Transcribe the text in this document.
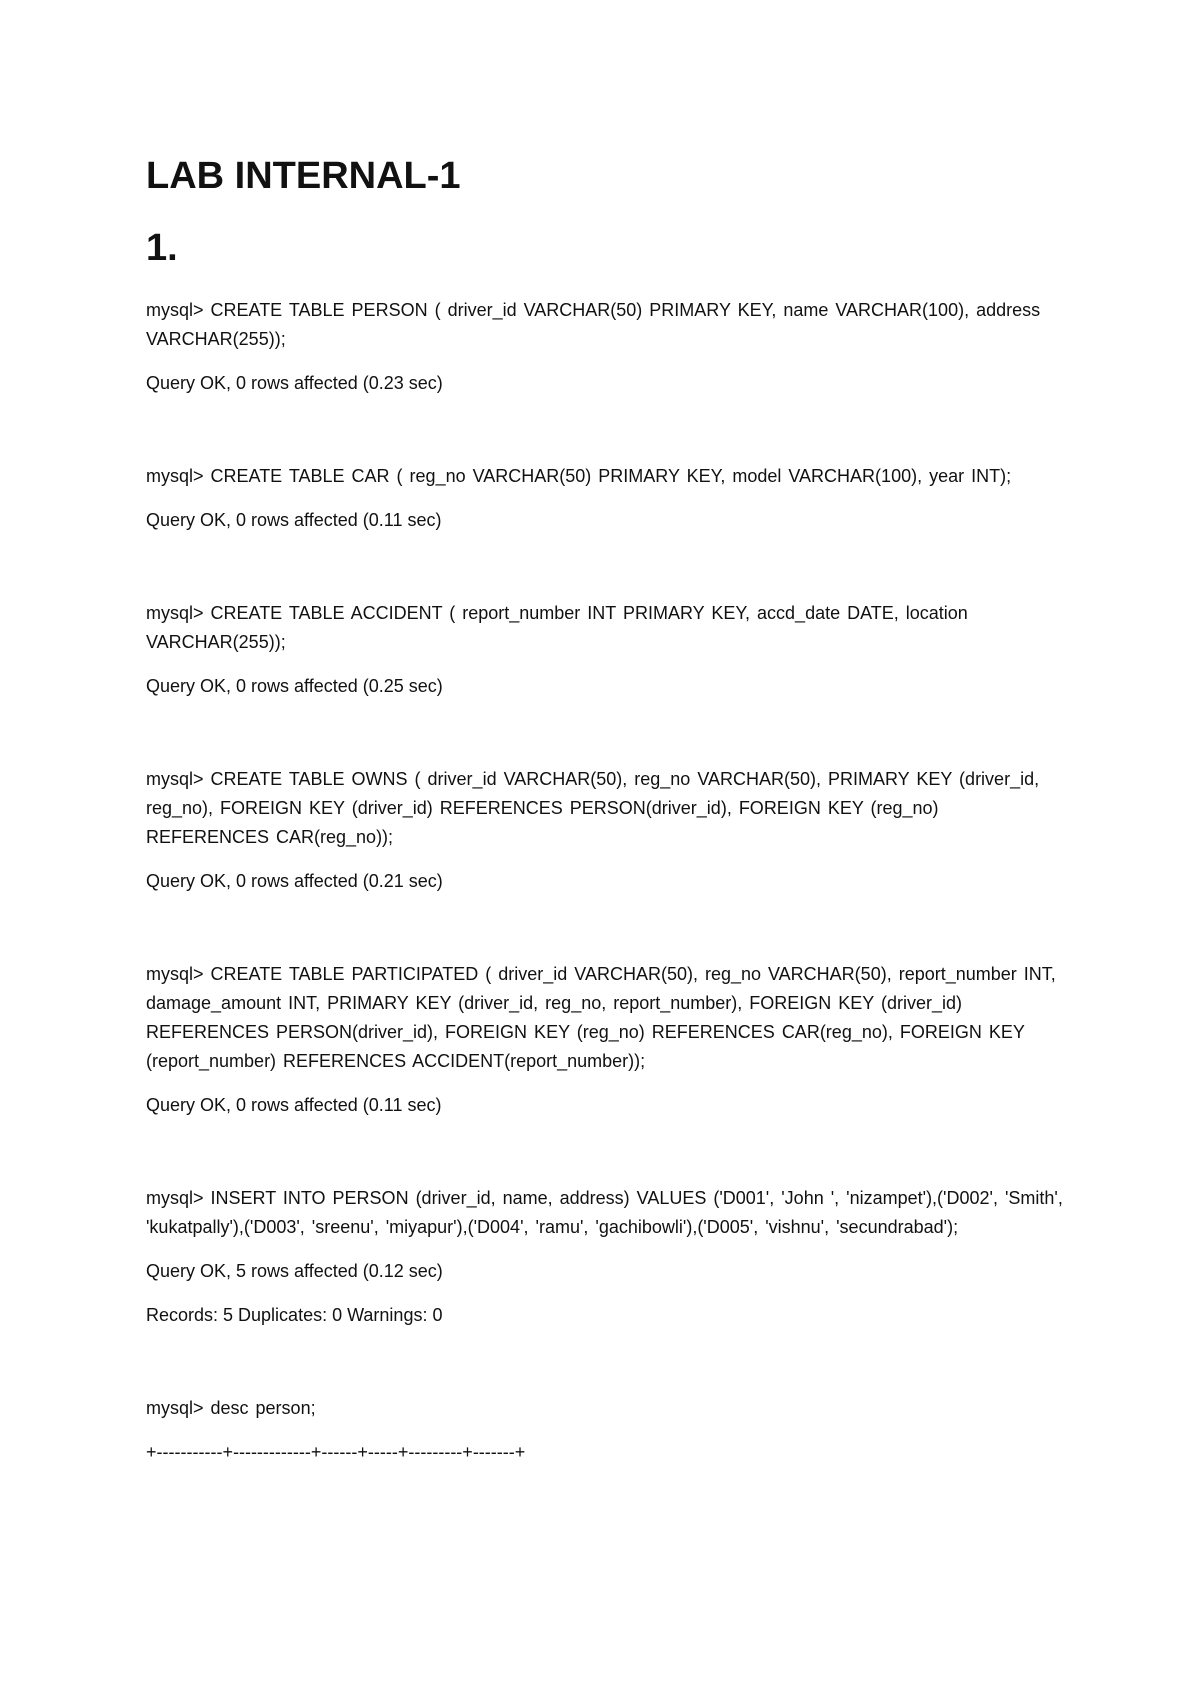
LAB INTERNAL-1
1.

mysql> CREATE TABLE PERSON ( driver_id VARCHAR(50) PRIMARY KEY, name VARCHAR(100), address VARCHAR(255));

Query OK, 0 rows affected (0.23 sec)

mysql> CREATE TABLE CAR ( reg_no VARCHAR(50) PRIMARY KEY, model VARCHAR(100), year INT);

Query OK, 0 rows affected (0.11 sec)

mysql> CREATE TABLE ACCIDENT ( report_number INT PRIMARY KEY, accd_date DATE, location VARCHAR(255));

Query OK, 0 rows affected (0.25 sec)

mysql> CREATE TABLE OWNS ( driver_id VARCHAR(50), reg_no VARCHAR(50), PRIMARY KEY (driver_id, reg_no), FOREIGN KEY (driver_id) REFERENCES PERSON(driver_id), FOREIGN KEY (reg_no) REFERENCES CAR(reg_no));

Query OK, 0 rows affected (0.21 sec)

mysql> CREATE TABLE PARTICIPATED ( driver_id VARCHAR(50), reg_no VARCHAR(50), report_number INT, damage_amount INT, PRIMARY KEY (driver_id, reg_no, report_number), FOREIGN KEY (driver_id) REFERENCES PERSON(driver_id), FOREIGN KEY (reg_no) REFERENCES CAR(reg_no), FOREIGN KEY (report_number) REFERENCES ACCIDENT(report_number));

Query OK, 0 rows affected (0.11 sec)

mysql> INSERT INTO PERSON (driver_id, name, address) VALUES ('D001', 'John ', 'nizampet'),('D002', 'Smith', 'kukatpally'),('D003', 'sreenu', 'miyapur'),('D004', 'ramu', 'gachibowli'),('D005', 'vishnu', 'secundrabad');

Query OK, 5 rows affected (0.12 sec)

Records: 5 Duplicates: 0 Warnings: 0

mysql> desc person;

+-----------+-------------+------+-----+---------+-------+
